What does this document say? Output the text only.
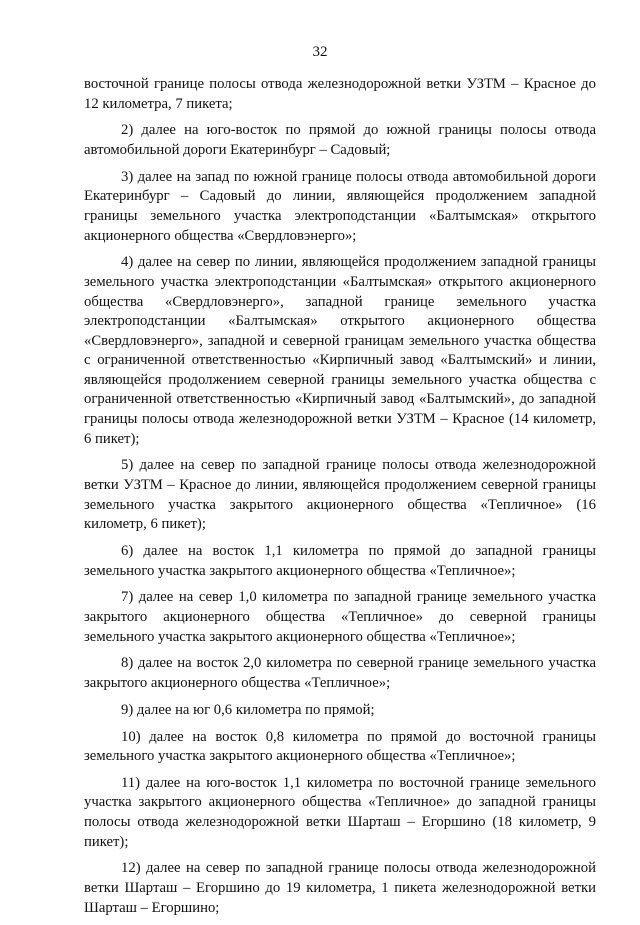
32

восточной границе полосы отвода железнодорожной ветки УЗТМ – Красное до 12 километра, 7 пикета;

2) далее на юго-восток по прямой до южной границы полосы отвода автомобильной дороги Екатеринбург – Садовый;

3) далее на запад по южной границе полосы отвода автомобильной дороги Екатеринбург – Садовый до линии, являющейся продолжением западной границы земельного участка электроподстанции «Балтымская» открытого акционерного общества «Свердловэнерго»;

4) далее на север по линии, являющейся продолжением западной границы земельного участка электроподстанции «Балтымская» открытого акционерного общества «Свердловэнерго», западной границе земельного участка электроподстанции «Балтымская» открытого акционерного общества «Свердловэнерго», западной и северной границам земельного участка общества с ограниченной ответственностью «Кирпичный завод «Балтымский» и линии, являющейся продолжением северной границы земельного участка общества с ограниченной ответственностью «Кирпичный завод «Балтымский», до западной границы полосы отвода железнодорожной ветки УЗТМ – Красное (14 километр, 6 пикет);

5) далее на север по западной границе полосы отвода железнодорожной ветки УЗТМ – Красное до линии, являющейся продолжением северной границы земельного участка закрытого акционерного общества «Тепличное» (16 километр, 6 пикет);

6) далее на восток 1,1 километра по прямой до западной границы земельного участка закрытого акционерного общества «Тепличное»;

7) далее на север 1,0 километра по западной границе земельного участка закрытого акционерного общества «Тепличное» до северной границы земельного участка закрытого акционерного общества «Тепличное»;

8) далее на восток 2,0 километра по северной границе земельного участка закрытого акционерного общества «Тепличное»;

9) далее на юг 0,6 километра по прямой;

10) далее на восток 0,8 километра по прямой до восточной границы земельного участка закрытого акционерного общества «Тепличное»;

11) далее на юго-восток 1,1 километра по восточной границе земельного участка закрытого акционерного общества «Тепличное» до западной границы полосы отвода железнодорожной ветки Шарташ – Егоршино (18 километр, 9 пикет);

12) далее на север по западной границе полосы отвода железнодорожной ветки Шарташ – Егоршино до 19 километра, 1 пикета железнодорожной ветки Шарташ – Егоршино;
